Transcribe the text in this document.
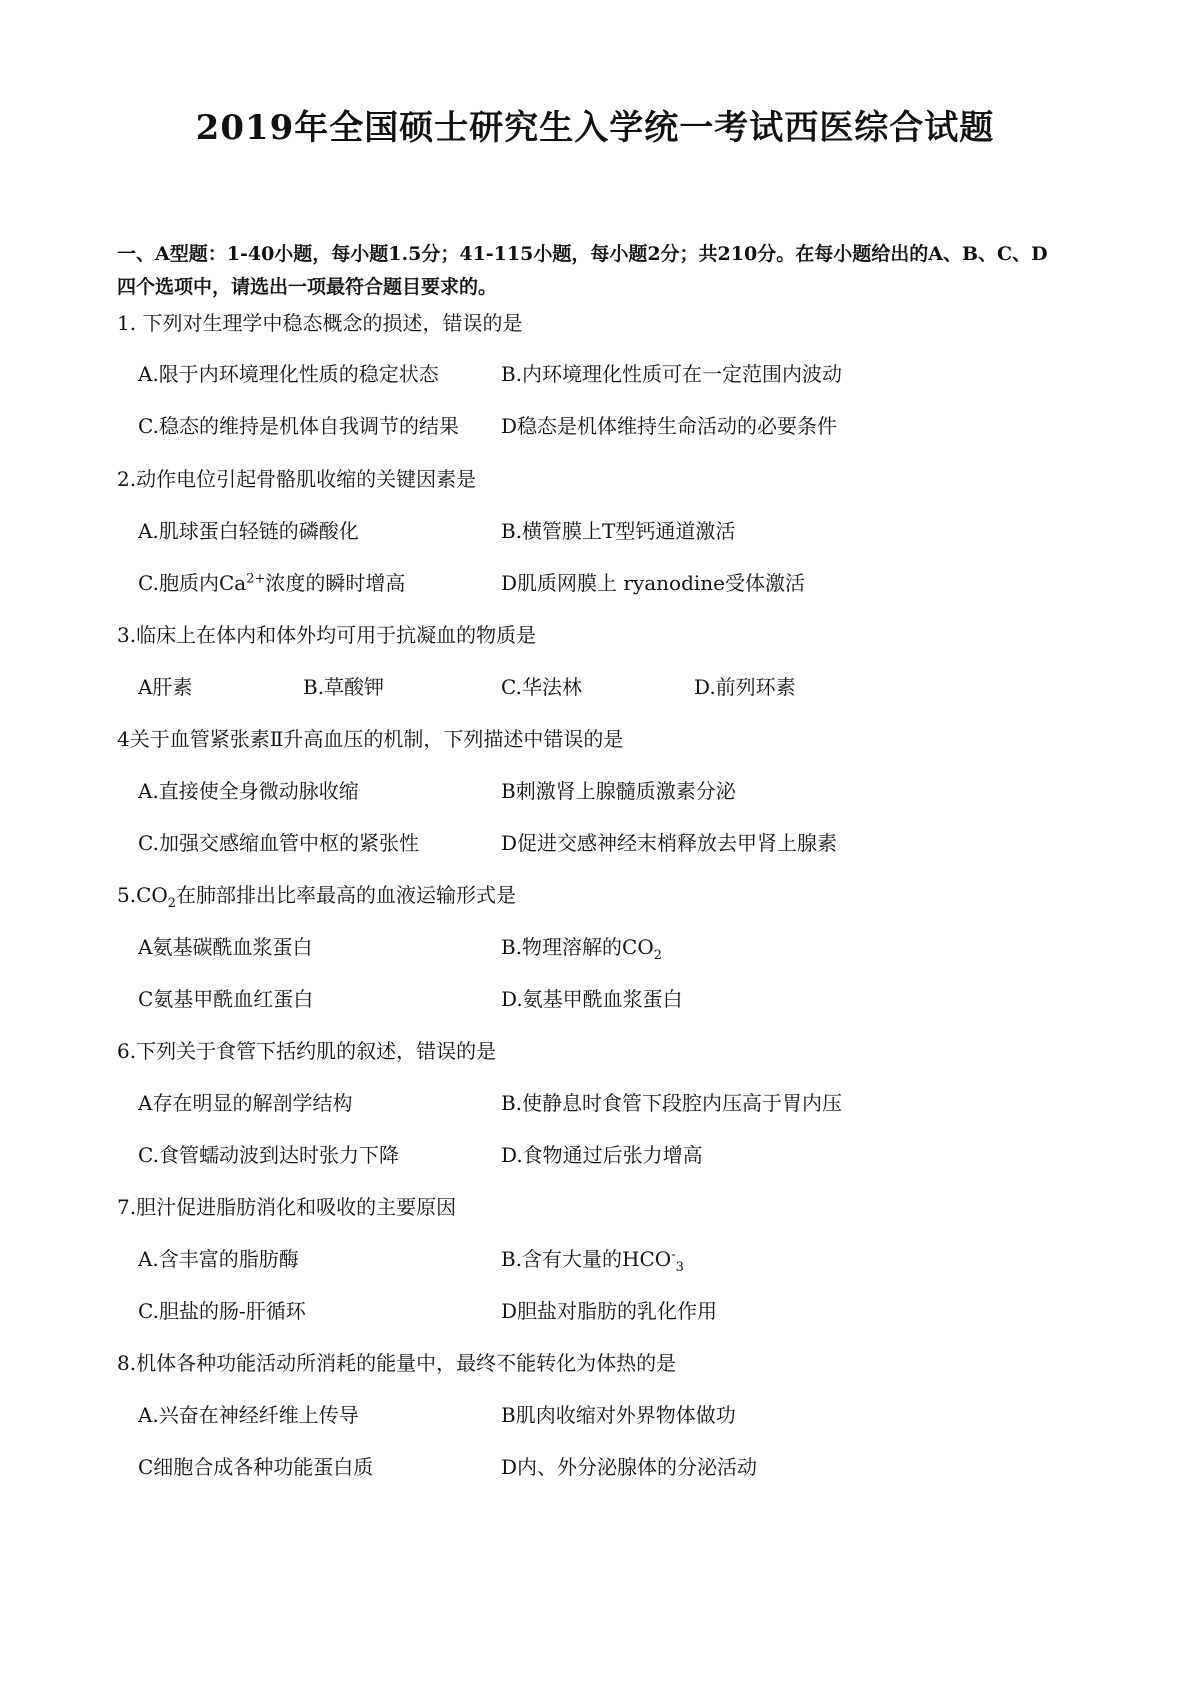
2019年全国硕士研究生入学统一考试西医综合试题
一、A型题：1-40小题，每小题1.5分；41-115小题，每小题2分；共210分。在每小题给出的A、B、C、D
四个选项中，请选出一项最符合题目要求的。
1. 下列对生理学中稳态概念的损述，错误的是
A.限于内环境理化性质的稳定状态	B.内环境理化性质可在一定范围内波动
C.稳态的维持是机体自我调节的结果 D稳态是机体维持生命活动的必要条件
2.动作电位引起骨骼肌收缩的关键因素是
A.肌球蛋白轻链的磷酸化	B.横管膜上T型钙通道激活
C.胞质内$Ca^{2+}$浓度的瞬时增高	D肌质网膜上 ryanodine受体激活
3.临床上在体内和体外均可用于抗凝血的物质是
A肝素	B.草酸钾	C.华法林	D.前列环素
4关于血管紧张素Ⅱ升高血压的机制，下列描述中错误的是
A.直接使全身微动脉收缩	B刺激肾上腺髓质激素分泌
C.加强交感缩血管中枢的紧张性	D促进交感神经末梢释放去甲肾上腺素
$5.CO_2$在肺部排出比率最高的血液运输形式是
A氨基碳酰血浆蛋白	B.物理溶解的$CO_2$
C氨基甲酰血红蛋白	D.氨基甲酰血浆蛋白
6.下列关于食管下括约肌的叙述，错误的是
A存在明显的解剖学结构	B.使静息时食管下段腔内压高于胃内压
C.食管蠕动波到达时张力下降	D.食物通过后张力增高
7.胆汁促进脂肪消化和吸收的主要原因
A.含丰富的脂肪酶	B.含有大量的$HCO^-_3$
C.胆盐的肠-肝循环	D胆盐对脂肪的乳化作用
8.机体各种功能活动所消耗的能量中，最终不能转化为体热的是
A.兴奋在神经纤维上传导	B肌肉收缩对外界物体做功
C细胞合成各种功能蛋白质	D内、外分泌腺体的分泌活动
